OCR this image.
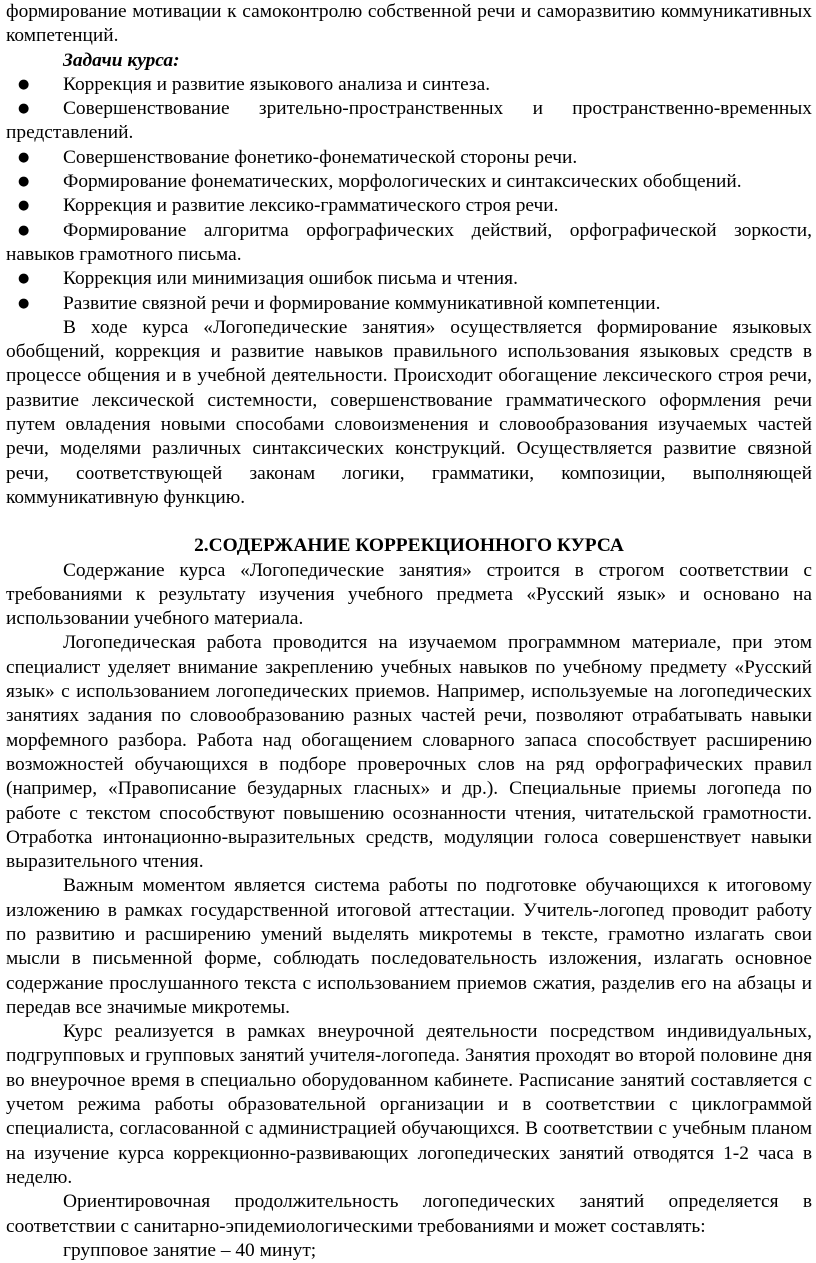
формирование мотивации к самоконтролю собственной речи и саморазвитию коммуникативных компетенций.

Задачи курса:

● Коррекция и развитие языкового анализа и синтеза.
● Совершенствование зрительно-пространственных и пространственно-временных представлений.
● Совершенствование фонетико-фонематической стороны речи.
● Формирование фонематических, морфологических и синтаксических обобщений.
● Коррекция и развитие лексико-грамматического строя речи.
● Формирование алгоритма орфографических действий, орфографической зоркости, навыков грамотного письма.
● Коррекция или минимизация ошибок письма и чтения.
● Развитие связной речи и формирование коммуникативной компетенции.

В ходе курса «Логопедические занятия» осуществляется формирование языковых обобщений, коррекция и развитие навыков правильного использования языковых средств в процессе общения и в учебной деятельности. Происходит обогащение лексического строя речи, развитие лексической системности, совершенствование грамматического оформления речи путем овладения новыми способами словоизменения и словообразования изучаемых частей речи, моделями различных синтаксических конструкций. Осуществляется развитие связной речи, соответствующей законам логики, грамматики, композиции, выполняющей коммуникативную функцию.

2.СОДЕРЖАНИЕ КОРРЕКЦИОННОГО КУРСА

Содержание курса «Логопедические занятия» строится в строгом соответствии с требованиями к результату изучения учебного предмета «Русский язык» и основано на использовании учебного материала.

Логопедическая работа проводится на изучаемом программном материале, при этом специалист уделяет внимание закреплению учебных навыков по учебному предмету «Русский язык» с использованием логопедических приемов. Например, используемые на логопедических занятиях задания по словообразованию разных частей речи, позволяют отрабатывать навыки морфемного разбора. Работа над обогащением словарного запаса способствует расширению возможностей обучающихся в подборе проверочных слов на ряд орфографических правил (например, «Правописание безударных гласных» и др.). Специальные приемы логопеда по работе с текстом способствуют повышению осознанности чтения, читательской грамотности. Отработка интонационно-выразительных средств, модуляции голоса совершенствует навыки выразительного чтения.

Важным моментом является система работы по подготовке обучающихся к итоговому изложению в рамках государственной итоговой аттестации. Учитель-логопед проводит работу по развитию и расширению умений выделять микротемы в тексте, грамотно излагать свои мысли в письменной форме, соблюдать последовательность изложения, излагать основное содержание прослушанного текста с использованием приемов сжатия, разделив его на абзацы и передав все значимые микротемы.

Курс реализуется в рамках внеурочной деятельности посредством индивидуальных, подгрупповых и групповых занятий учителя-логопеда. Занятия проходят во второй половине дня во внеурочное время в специально оборудованном кабинете. Расписание занятий составляется с учетом режима работы образовательной организации и в соответствии с циклограммой специалиста, согласованной с администрацией обучающихся. В соответствии с учебным планом на изучение курса коррекционно-развивающих логопедических занятий отводятся 1-2 часа в неделю.

Ориентировочная продолжительность логопедических занятий определяется в соответствии с санитарно-эпидемиологическими требованиями и может составлять:

групповое занятие – 40 минут;
